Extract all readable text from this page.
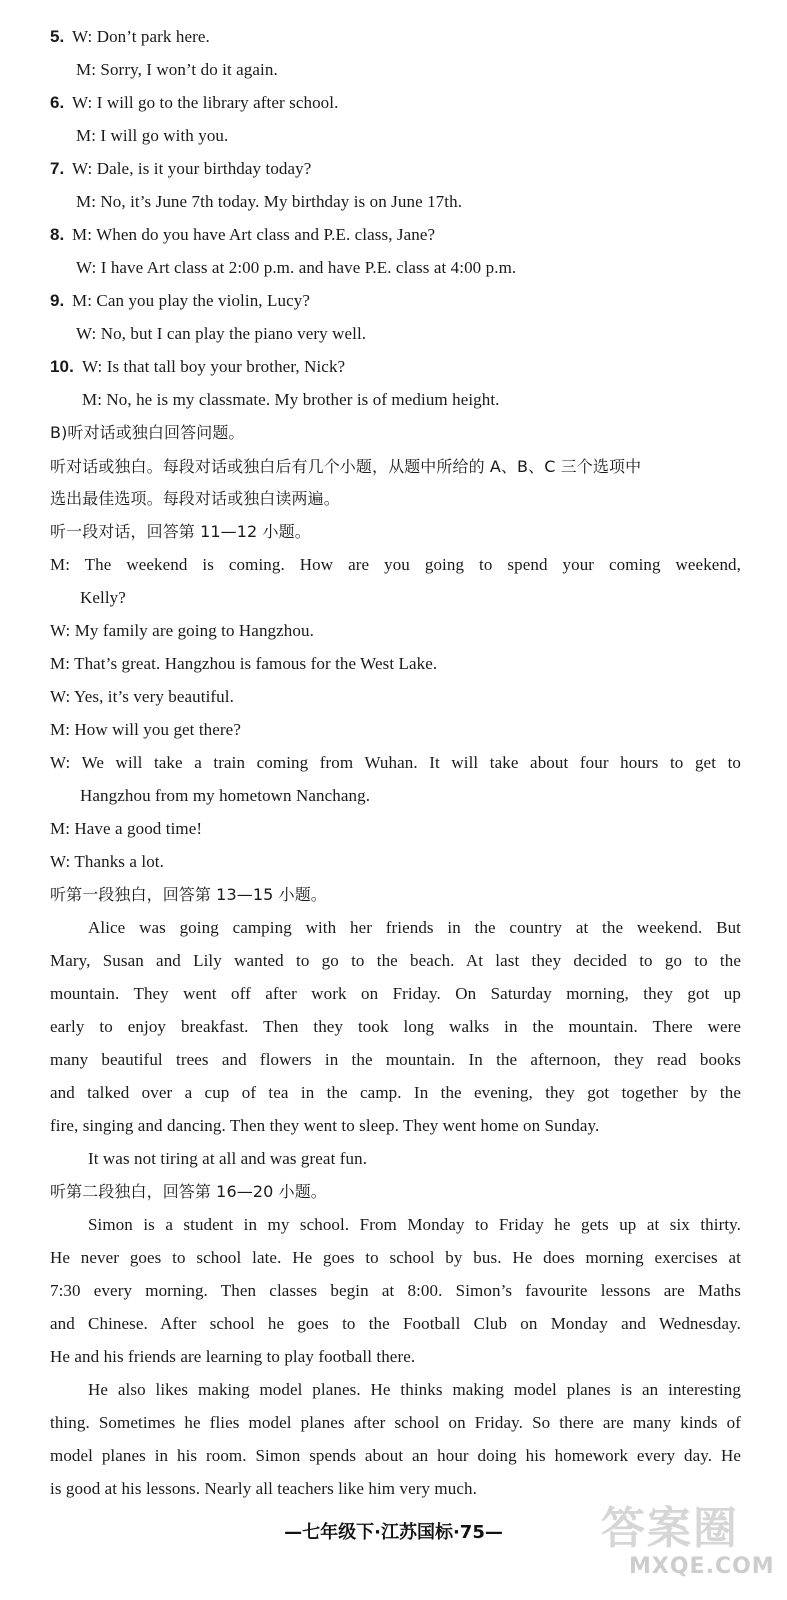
5. W: Don’t park here.
M: Sorry, I won’t do it again.
6. W: I will go to the library after school.
M: I will go with you.
7. W: Dale, is it your birthday today?
M: No, it’s June 7th today. My birthday is on June 17th.
8. M: When do you have Art class and P.E. class, Jane?
W: I have Art class at 2:00 p.m. and have P.E. class at 4:00 p.m.
9. M: Can you play the violin, Lucy?
W: No, but I can play the piano very well.
10. W: Is that tall boy your brother, Nick?
M: No, he is my classmate. My brother is of medium height.
B)听对话或独白回答问题。
听对话或独白。每段对话或独白后有几个小题，从题中所给的 A、B、C 三个选项中
选出最佳选项。每段对话或独白读两遍。
听一段对话，回答第 11—12 小题。
M: The weekend is coming. How are you going to spend your coming weekend,
Kelly?
W: My family are going to Hangzhou.
M: That’s great. Hangzhou is famous for the West Lake.
W: Yes, it’s very beautiful.
M: How will you get there?
W: We will take a train coming from Wuhan. It will take about four hours to get to
Hangzhou from my hometown Nanchang.
M: Have a good time!
W: Thanks a lot.
听第一段独白，回答第 13—15 小题。
Alice was going camping with her friends in the country at the weekend. But
Mary, Susan and Lily wanted to go to the beach. At last they decided to go to the
mountain. They went off after work on Friday. On Saturday morning, they got up
early to enjoy breakfast. Then they took long walks in the mountain. There were
many beautiful trees and flowers in the mountain. In the afternoon, they read books
and talked over a cup of tea in the camp. In the evening, they got together by the
fire, singing and dancing. Then they went to sleep. They went home on Sunday.
It was not tiring at all and was great fun.
听第二段独白，回答第 16—20 小题。
Simon is a student in my school. From Monday to Friday he gets up at six thirty.
He never goes to school late. He goes to school by bus. He does morning exercises at
7:30 every morning. Then classes begin at 8:00. Simon’s favourite lessons are Maths
and Chinese. After school he goes to the Football Club on Monday and Wednesday.
He and his friends are learning to play football there.
He also likes making model planes. He thinks making model planes is an interesting
thing. Sometimes he flies model planes after school on Friday. So there are many kinds of
model planes in his room. Simon spends about an hour doing his homework every day. He
is good at his lessons. Nearly all teachers like him very much.
—七年级下·江苏国标·75—	答案圈
MXQE.COM
